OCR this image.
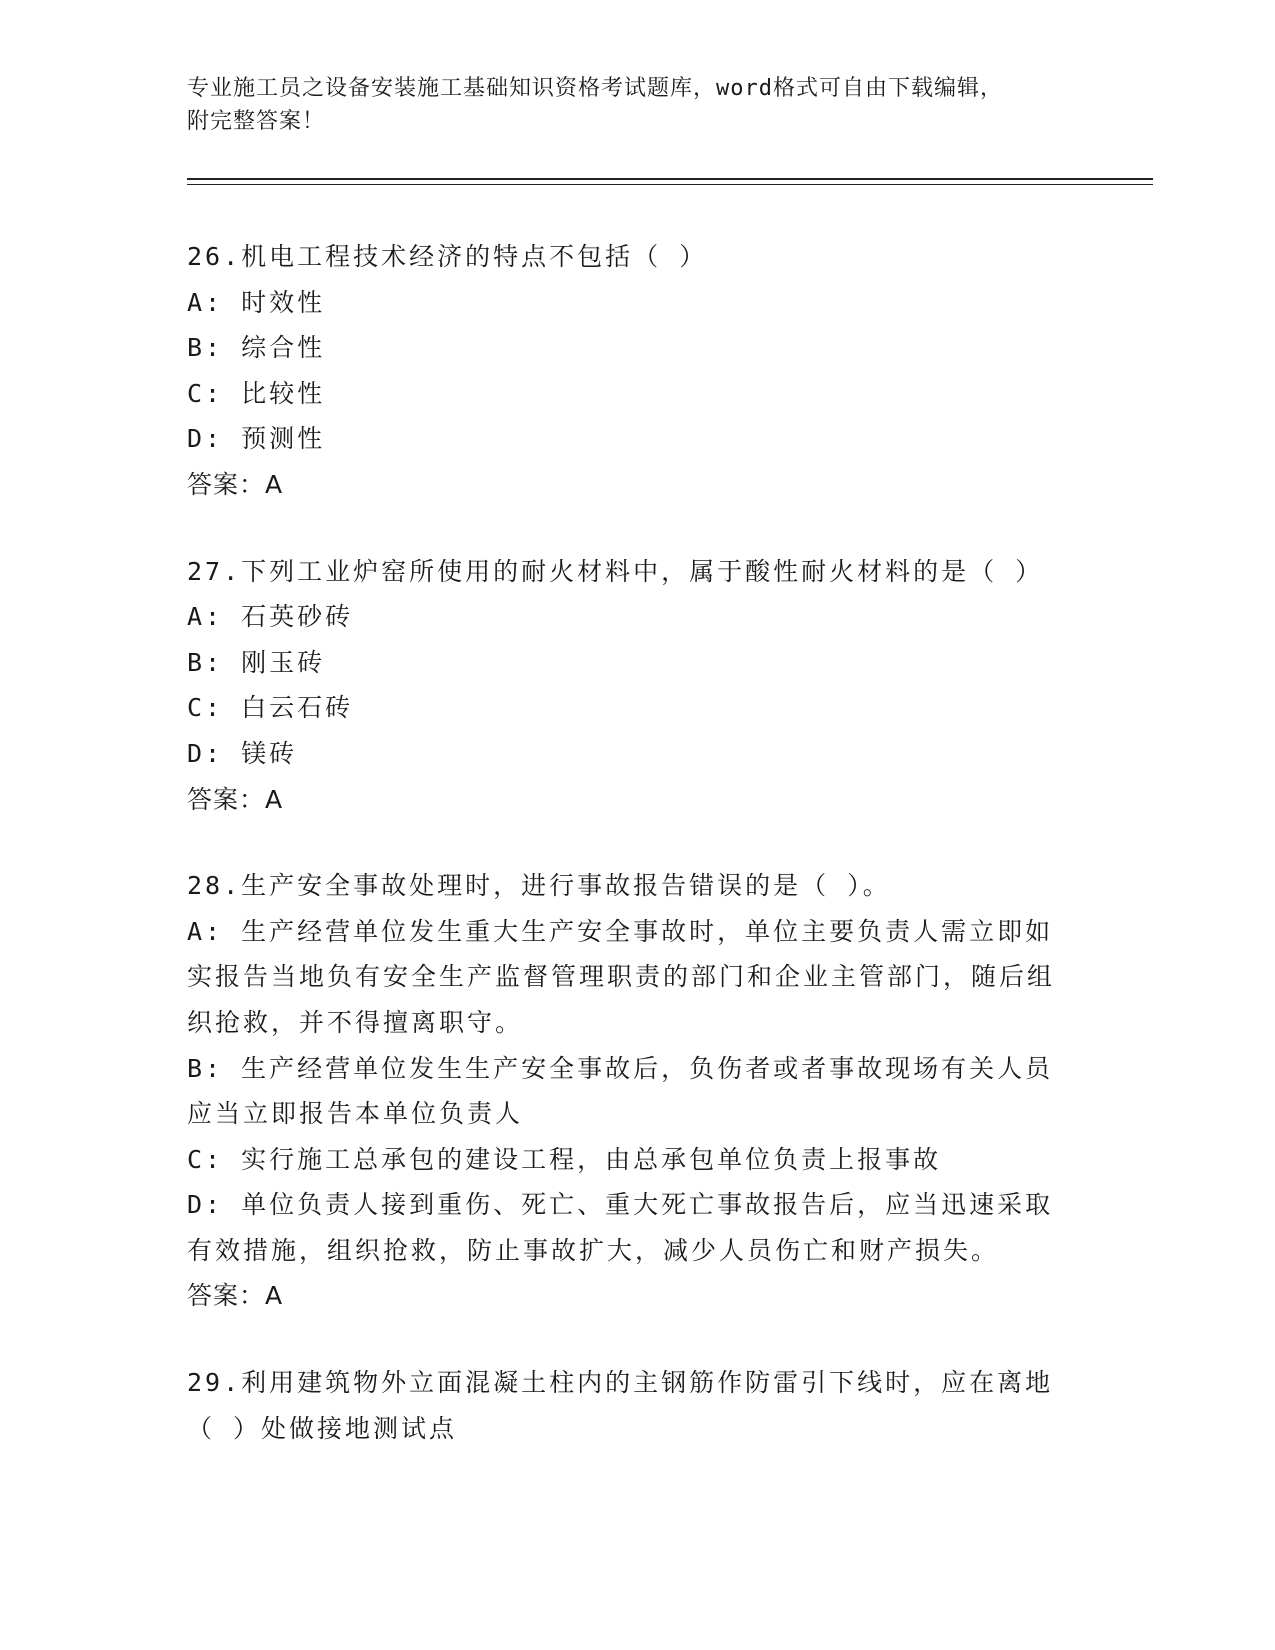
专业施工员之设备安装施工基础知识资格考试题库，word格式可自由下载编辑，
附完整答案！
26.机电工程技术经济的特点不包括（ ）
A: 时效性
B: 综合性
C: 比较性
D: 预测性
答案：A
27.下列工业炉窑所使用的耐火材料中，属于酸性耐火材料的是（ ）
A: 石英砂砖
B: 刚玉砖
C: 白云石砖
D: 镁砖
答案：A
28.生产安全事故处理时，进行事故报告错误的是（ ）。
A: 生产经营单位发生重大生产安全事故时，单位主要负责人需立即如实报告当地负有安全生产监督管理职责的部门和企业主管部门，随后组织抢救，并不得擅离职守。
B: 生产经营单位发生生产安全事故后，负伤者或者事故现场有关人员应当立即报告本单位负责人
C: 实行施工总承包的建设工程，由总承包单位负责上报事故
D: 单位负责人接到重伤、死亡、重大死亡事故报告后，应当迅速采取有效措施，组织抢救，防止事故扩大，减少人员伤亡和财产损失。
答案：A
29.利用建筑物外立面混凝土柱内的主钢筋作防雷引下线时，应在离地（ ）处做接地测试点
